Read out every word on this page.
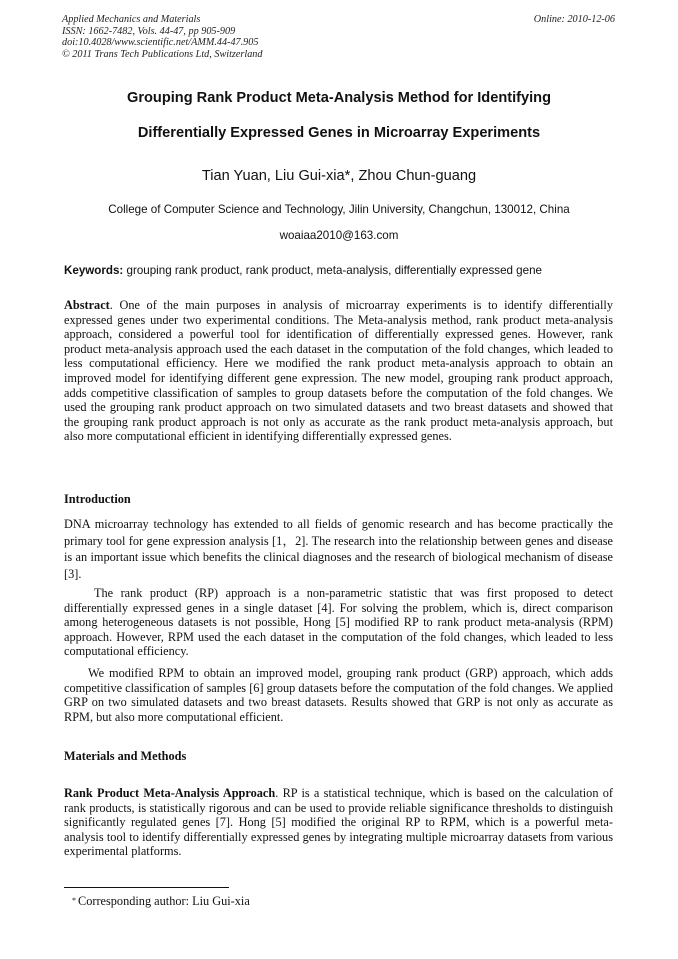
Applied Mechanics and Materials
ISSN: 1662-7482, Vols. 44-47, pp 905-909
doi:10.4028/www.scientific.net/AMM.44-47.905
© 2011 Trans Tech Publications Ltd, Switzerland
Online: 2010-12-06
Grouping Rank Product Meta-Analysis Method for Identifying
Differentially Expressed Genes in Microarray Experiments
Tian Yuan, Liu Gui-xia*, Zhou Chun-guang
College of Computer Science and Technology, Jilin University, Changchun, 130012, China
woaiaa2010@163.com
Keywords: grouping rank product, rank product, meta-analysis, differentially expressed gene
Abstract. One of the main purposes in analysis of microarray experiments is to identify differentially expressed genes under two experimental conditions. The Meta-analysis method, rank product meta-analysis approach, considered a powerful tool for identification of differentially expressed genes. However, rank product meta-analysis approach used the each dataset in the computation of the fold changes, which leaded to less computational efficiency. Here we modified the rank product meta-analysis approach to obtain an improved model for identifying different gene expression. The new model, grouping rank product approach, adds competitive classification of samples to group datasets before the computation of the fold changes. We used the grouping rank product approach on two simulated datasets and two breast datasets and showed that the grouping rank product approach is not only as accurate as the rank product meta-analysis approach, but also more computational efficient in identifying differentially expressed genes.
Introduction
DNA microarray technology has extended to all fields of genomic research and has become practically the primary tool for gene expression analysis [1，2]. The research into the relationship between genes and disease is an important issue which benefits the clinical diagnoses and the research of biological mechanism of disease [3].
The rank product (RP) approach is a non-parametric statistic that was first proposed to detect differentially expressed genes in a single dataset [4]. For solving the problem, which is, direct comparison among heterogeneous datasets is not possible, Hong [5] modified RP to rank product meta-analysis (RPM) approach. However, RPM used the each dataset in the computation of the fold changes, which leaded to less computational efficiency.
We modified RPM to obtain an improved model, grouping rank product (GRP) approach, which adds competitive classification of samples [6] group datasets before the computation of the fold changes. We applied GRP on two simulated datasets and two breast datasets. Results showed that GRP is not only as accurate as RPM, but also more computational efficient.
Materials and Methods
Rank Product Meta-Analysis Approach. RP is a statistical technique, which is based on the calculation of rank products, is statistically rigorous and can be used to provide reliable significance thresholds to distinguish significantly regulated genes [7]. Hong [5] modified the original RP to RPM, which is a powerful meta-analysis tool to identify differentially expressed genes by integrating multiple microarray datasets from various experimental platforms.
* Corresponding author: Liu Gui-xia
